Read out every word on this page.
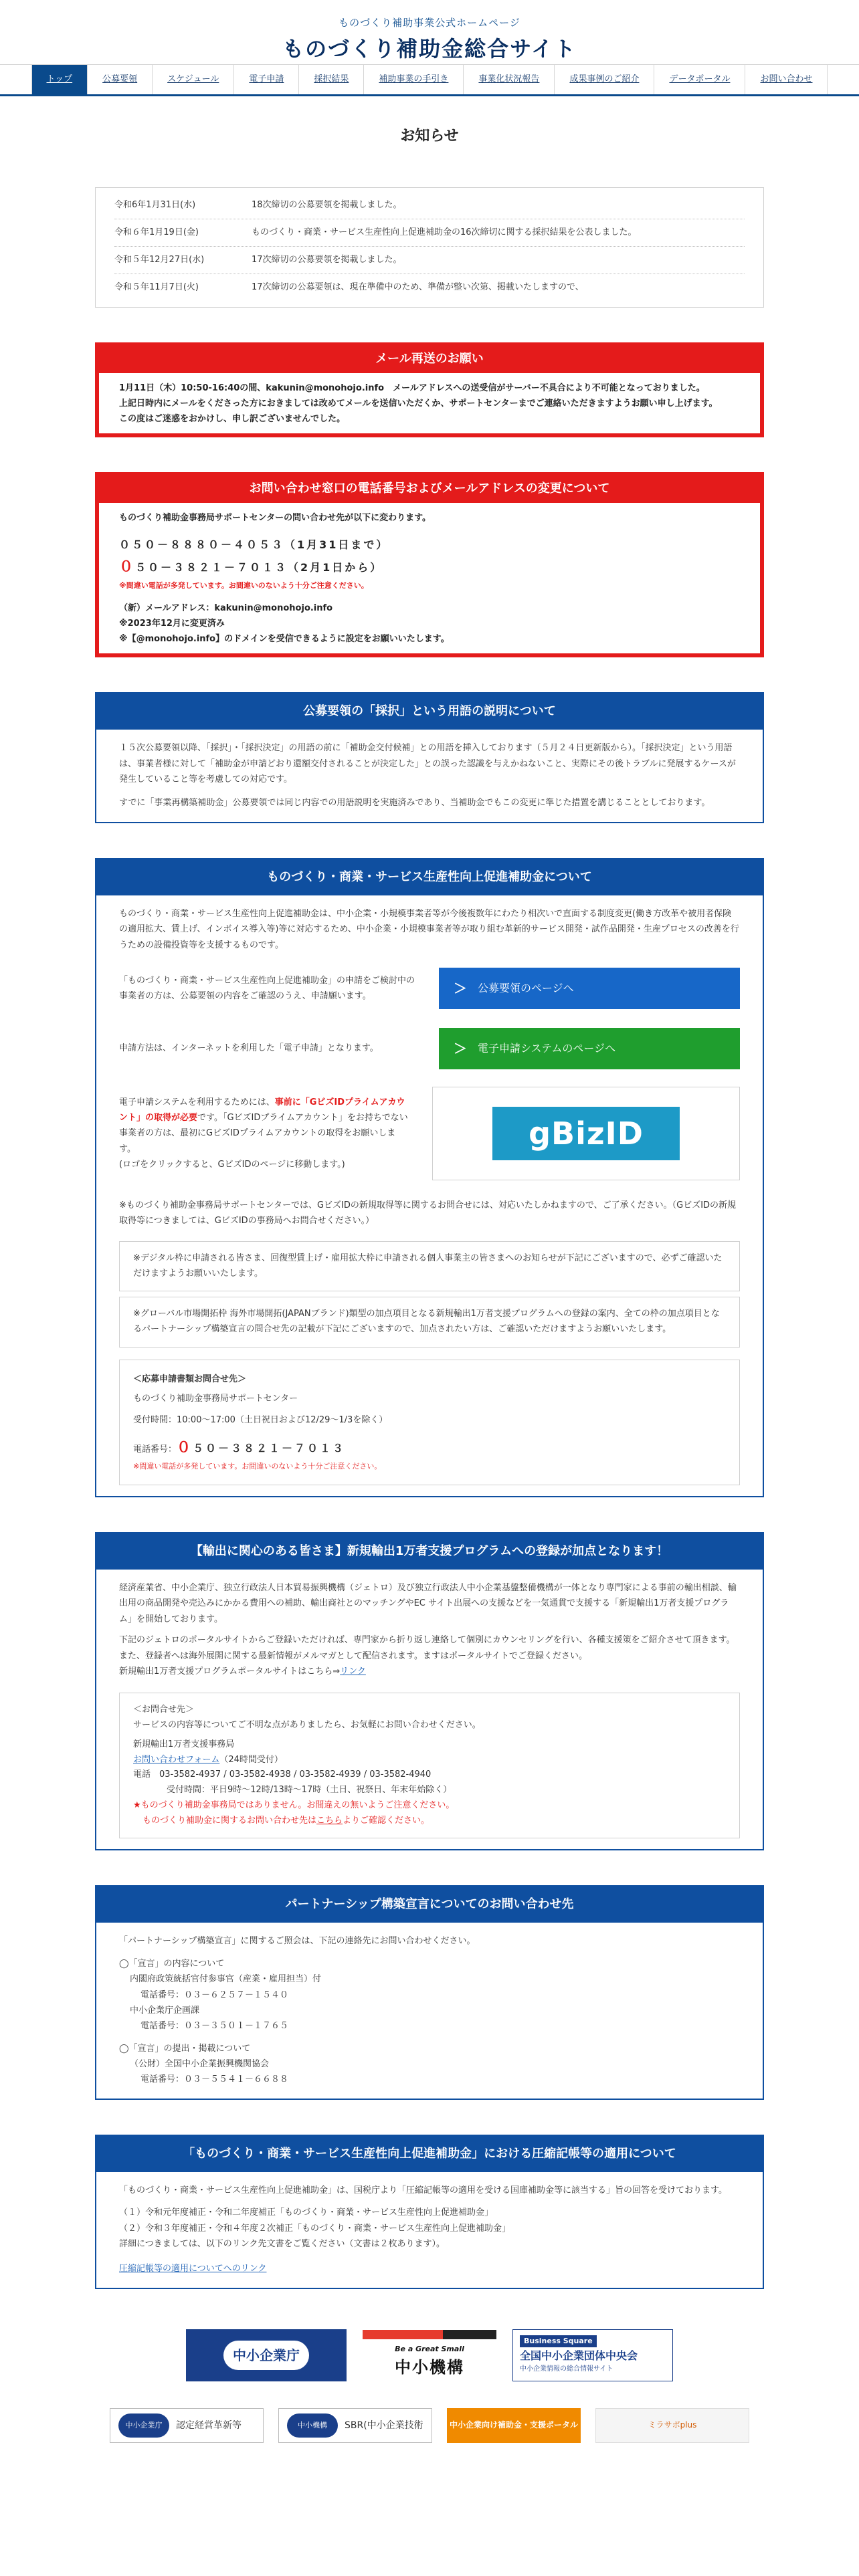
ものづくり補助事業公式ホームページ
ものづくり補助金総合サイト
トップ	公募要領	スケジュール	電子申請	採択結果	補助事業の手引き	事業化状況報告	成果事例のご紹介	データポータル	お問い合わせ
お知らせ
令和6年1月31日(水)	18次締切の公募要領を掲載しました。
令和６年1月19日(金)	ものづくり・商業・サービス生産性向上促進補助金の16次締切に関する採択結果を公表しました。
令和５年12月27日(水)	17次締切の公募要領を掲載しました。
令和５年11月7日(火)	17次締切の公募要領は、現在準備中のため、準備が整い次第、掲載いたしますので、
メール再送のお願い

1月11日（木）10:50-16:40の間、kakunin@monohojo.info　メールアドレスへの送受信がサーバー不具合により不可能となっておりました。

上記日時内にメールをくださった方におきましては改めてメールを送信いただくか、サポートセンターまでご連絡いただきますようお願い申し上げます。

この度はご迷惑をおかけし、申し訳ございませんでした。

お問い合わせ窓口の電話番号およびメールアドレスの変更について

ものづくり補助金事務局サポートセンターの問い合わせ先が以下に変わります。

０５０－８８８０－４０５３（1月31日まで）

０５０－３８２１－７０１３（2月1日から）

※間違い電話が多発しています。お間違いのないよう十分ご注意ください。

（新）メールアドレス：kakunin@monohojo.info

※2023年12月に変更済み

※【@monohojo.info】のドメインを受信できるように設定をお願いいたします。

公募要領の「採択」という用語の説明について

１５次公募要領以降、「採択」・「採択決定」の用語の前に「補助金交付候補」との用語を挿入しております（５月２４日更新版から）。「採択決定」という用語は、事業者様に対して「補助金が申請どおり還額交付されることが決定した」との誤った認識を与えかねないこと、実際にその後トラブルに発展するケースが発生していること等を考慮しての対応です。

すでに「事業再構築補助金」公募要領では同じ内容での用語説明を実施済みであり、当補助金でもこの変更に準じた措置を講じることとしております。

ものづくり・商業・サービス生産性向上促進補助金について

ものづくり・商業・サービス生産性向上促進補助金は、中小企業・小規模事業者等が今後複数年にわたり相次いで直面する制度変更(働き方改革や被用者保険の適用拡大、賃上げ、インボイス導入等)等に対応するため、中小企業・小規模事業者等が取り組む革新的サービス開発・試作品開発・生産プロセスの改善を行うための設備投資等を支援するものです。

「ものづくり・商業・サービス生産性向上促進補助金」の申請をご検討中の事業者の方は、公募要領の内容をご確認のうえ、申請願います。	＞ 公募要領のページへ

申請方法は、インターネットを利用した「電子申請」となります。	＞ 電子申請システムのページへ

電子申請システムを利用するためには、事前に「GビズIDプライムアカウント」の取得が必要です。「GビズIDプライムアカウント」をお持ちでない事業者の方は、最初にGビズIDプライムアカウントの取得をお願いします。
(ロゴをクリックすると、GビズIDのページに移動します。)

gBizID

※ものづくり補助金事務局サポートセンターでは、GビズIDの新規取得等に関するお問合せには、対応いたしかねますので、ご了承ください。（GビズIDの新規取得等につきましては、GビズIDの事務局へお問合せください。）

※デジタル枠に申請される皆さま、回復型賃上げ・雇用拡大枠に申請される個人事業主の皆さまへのお知らせが下記にございますので、必ずご確認いただけますようお願いいたします。

※グローバル市場開拓枠 海外市場開拓(JAPANブランド)類型の加点項目となる新規輸出1万者支援プログラムへの登録の案内、全ての枠の加点項目となるパートナーシップ構築宣言の問合せ先の記載が下記にございますので、加点されたい方は、ご確認いただけますようお願いいたします。

＜応募申請書類お問合せ先＞

ものづくり補助金事務局サポートセンター

受付時間：10:00～17:00（土日祝日および12/29～1/3を除く）

電話番号：０５０－３８２１－７０１３

※間違い電話が多発しています。お間違いのないよう十分ご注意ください。

【輸出に関心のある皆さま】新規輸出1万者支援プログラムへの登録が加点となります！

経済産業省、中小企業庁、独立行政法人日本貿易振興機構（ジェトロ）及び独立行政法人中小企業基盤整備機構が一体となり専門家による事前の輸出相談、輸出用の商品開発や売込みにかかる費用への補助、輸出商社とのマッチングやEC サイト出展への支援などを一気通貫で支援する「新規輸出1万者支援プログラム」を開始しております。

下記のジェトロのポータルサイトからご登録いただければ、専門家から折り返し連絡して個別にカウンセリングを行い、各種支援策をご紹介させて頂きます。また、登録者へは海外展開に関する最新情報がメルマガとして配信されます。ますはポータルサイトでご登録ください。

新規輸出1万者支援プログラムポータルサイトはこちら⇒リンク

＜お問合せ先＞

サービスの内容等についてご不明な点がありましたら、お気軽にお問い合わせください。

新規輸出1万者支援事務局

お問い合わせフォーム（24時間受付）

電話　03-3582-4937 / 03-3582-4938 / 03-3582-4939 / 03-3582-4940

受付時間：平日9時～12時/13時～17時（土日、祝祭日、年末年始除く）

★ものづくり補助金事務局ではありません。お間違えの無いようご注意ください。

ものづくり補助金に関するお問い合わせ先はこちらよりご確認ください。

パートナーシップ構築宣言についてのお問い合わせ先

「パートナーシップ構築宣言」に関するご照会は、下記の連絡先にお問い合わせください。

◯「宣言」の内容について

内閣府政策統括官付参事官（産業・雇用担当）付

電話番号：０３－６２５７－１５４０

中小企業庁企画課

電話番号：０３－３５０１－１７６５

◯「宣言」の提出・掲載について

（公財）全国中小企業振興機関協会

電話番号：０３－５５４１－６６８８

「ものづくり・商業・サービス生産性向上促進補助金」における圧縮記帳等の適用について

「ものづくり・商業・サービス生産性向上促進補助金」は、国税庁より「圧縮記帳等の適用を受ける国庫補助金等に該当する」旨の回答を受けております。

（１）令和元年度補正・令和二年度補正「ものづくり・商業・サービス生産性向上促進補助金」

（２）令和３年度補正・令和４年度２次補正「ものづくり・商業・サービス生産性向上促進補助金」

詳細につきましては、以下のリンク先文書をご覧ください（文書は２枚あります）。

圧縮記帳等の適用についてへのリンク

中小企業庁	Be a Great Small
中小機構
Business Square
全国中小企業団体中央会
中小企業情報の総合情報サイト
中小企業庁	認定経営革新等	中小機構	SBR(中小企業技術	中小企業向け補助金・支援ポータル	ミラサポplus
